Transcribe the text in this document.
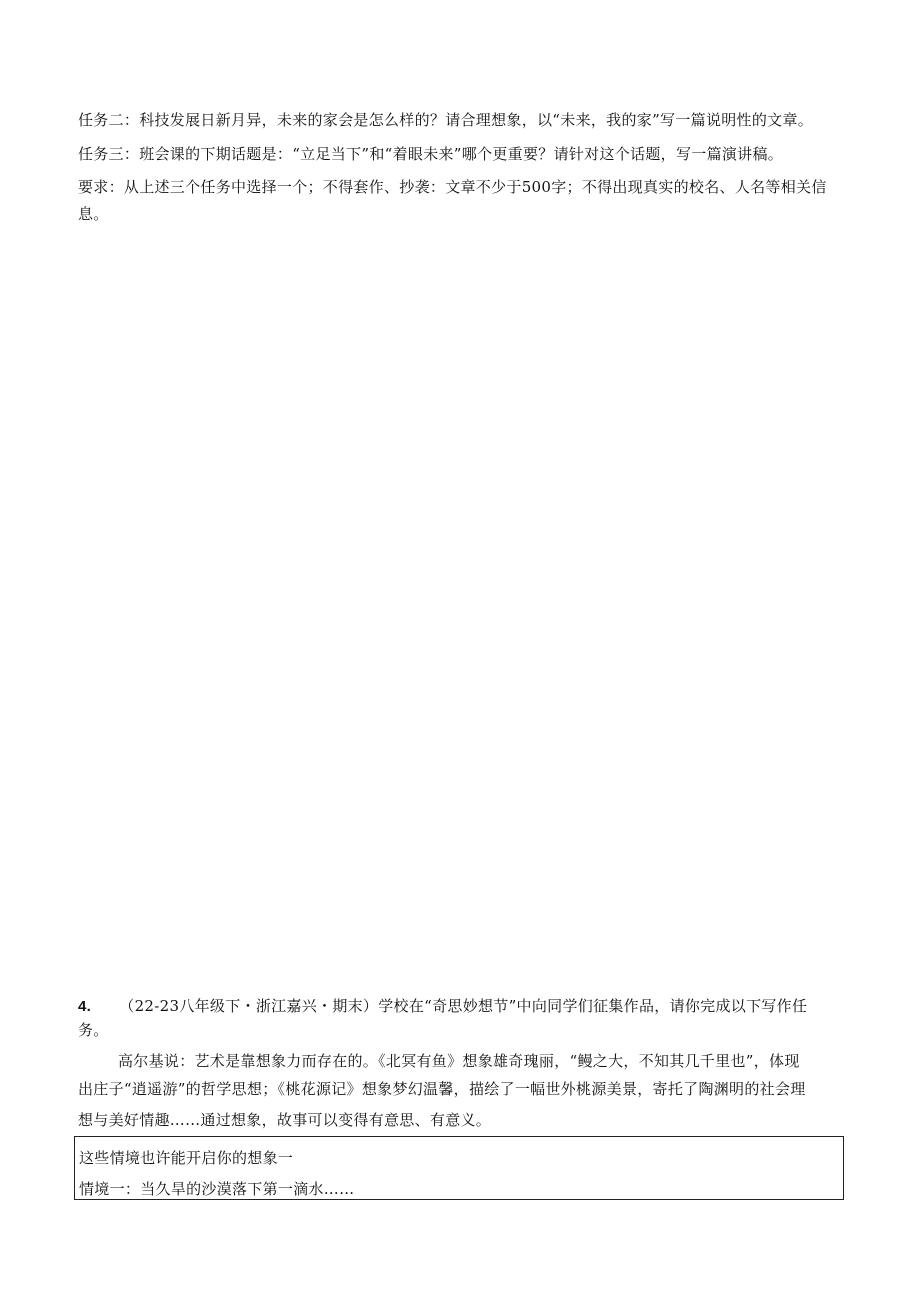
任务二：科技发展日新月异，未来的家会是怎么样的？请合理想象，以“未来，我的家”写一篇说明性的文章。
任务三：班会课的下期话题是：“立足当下”和“着眼未来”哪个更重要？请针对这个话题，写一篇演讲稿。
要求：从上述三个任务中选择一个；不得套作、抄袭：文章不少于500字；不得出现真实的校名、人名等相关信
息。
4. （22-23八年级下・浙江嘉兴・期末）学校在“奇思妙想节”中向同学们征集作品，请你完成以下写作任
务。
高尔基说：艺术是靠想象力而存在的。《北冥有鱼》想象雄奇瑰丽，“鳗之大，不知其几千里也”，体现
出庄子“逍遥游”的哲学思想；《桃花源记》想象梦幻温馨，描绘了一幅世外桃源美景，寄托了陶渊明的社会理
想与美好情趣……通过想象，故事可以变得有意思、有意义。
这些情境也许能开启你的想象一
情境一：当久旱的沙漠落下第一滴水……
